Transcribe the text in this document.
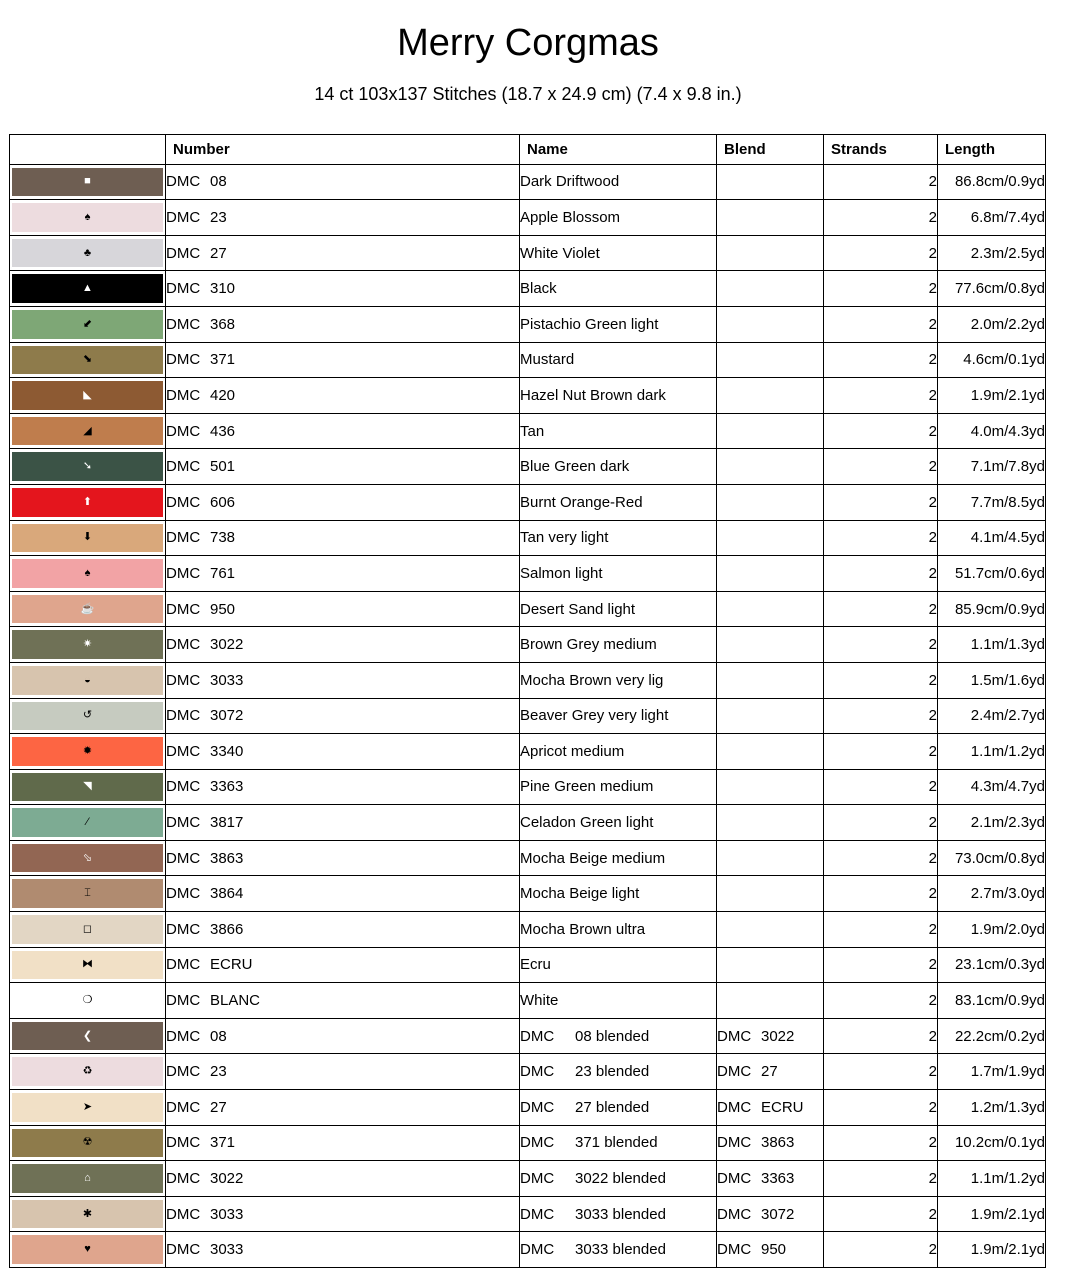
Merry Corgmas
14 ct 103x137 Stitches (18.7 x 24.9 cm) (7.4 x 9.8 in.)
	Number	Name	Blend	Strands	Length

■	DMC 08	Dark Driftwood		2	86.8cm/0.9yd

♠	DMC 23	Apple Blossom		2	6.8m/7.4yd

♣	DMC 27	White Violet		2	2.3m/2.5yd

▲	DMC 310	Black		2	77.6cm/0.8yd

⬋	DMC 368	Pistachio Green light		2	2.0m/2.2yd

⬊	DMC 371	Mustard		2	4.6cm/0.1yd

◣	DMC 420	Hazel Nut Brown dark		2	1.9m/2.1yd

◢	DMC 436	Tan		2	4.0m/4.3yd

➘	DMC 501	Blue Green dark		2	7.1m/7.8yd

⬆	DMC 606	Burnt Orange-Red		2	7.7m/8.5yd

⬇	DMC 738	Tan very light		2	4.1m/4.5yd

♠	DMC 761	Salmon light		2	51.7cm/0.6yd

☕	DMC 950	Desert Sand light		2	85.9cm/0.9yd

✷	DMC 3022	Brown Grey medium		2	1.1m/1.3yd

◒	DMC 3033	Mocha Brown very lig		2	1.5m/1.6yd

↺	DMC 3072	Beaver Grey very light		2	2.4m/2.7yd

✹	DMC 3340	Apricot medium		2	1.1m/1.2yd

◥	DMC 3363	Pine Green medium		2	4.3m/4.7yd

⁄	DMC 3817	Celadon Green light		2	2.1m/2.3yd

⬂	DMC 3863	Mocha Beige medium		2	73.0cm/0.8yd

⌶	DMC 3864	Mocha Beige light		2	2.7m/3.0yd

◻	DMC 3866	Mocha Brown ultra		2	1.9m/2.0yd

⧓	DMC ECRU	Ecru		2	23.1cm/0.3yd

❍	DMC BLANC	White		2	83.1cm/0.9yd

❮	DMC 08	DMC     08 blended	DMC 3022	2	22.2cm/0.2yd

♻	DMC 23	DMC     23 blended	DMC 27	2	1.7m/1.9yd

➤	DMC 27	DMC     27 blended	DMC ECRU	2	1.2m/1.3yd

☢	DMC 371	DMC     371 blended	DMC 3863	2	10.2cm/0.1yd

⌂	DMC 3022	DMC     3022 blended	DMC 3363	2	1.1m/1.2yd

✱	DMC 3033	DMC     3033 blended	DMC 3072	2	1.9m/2.1yd

♥	DMC 3033	DMC     3033 blended	DMC 950	2	1.9m/2.1yd
